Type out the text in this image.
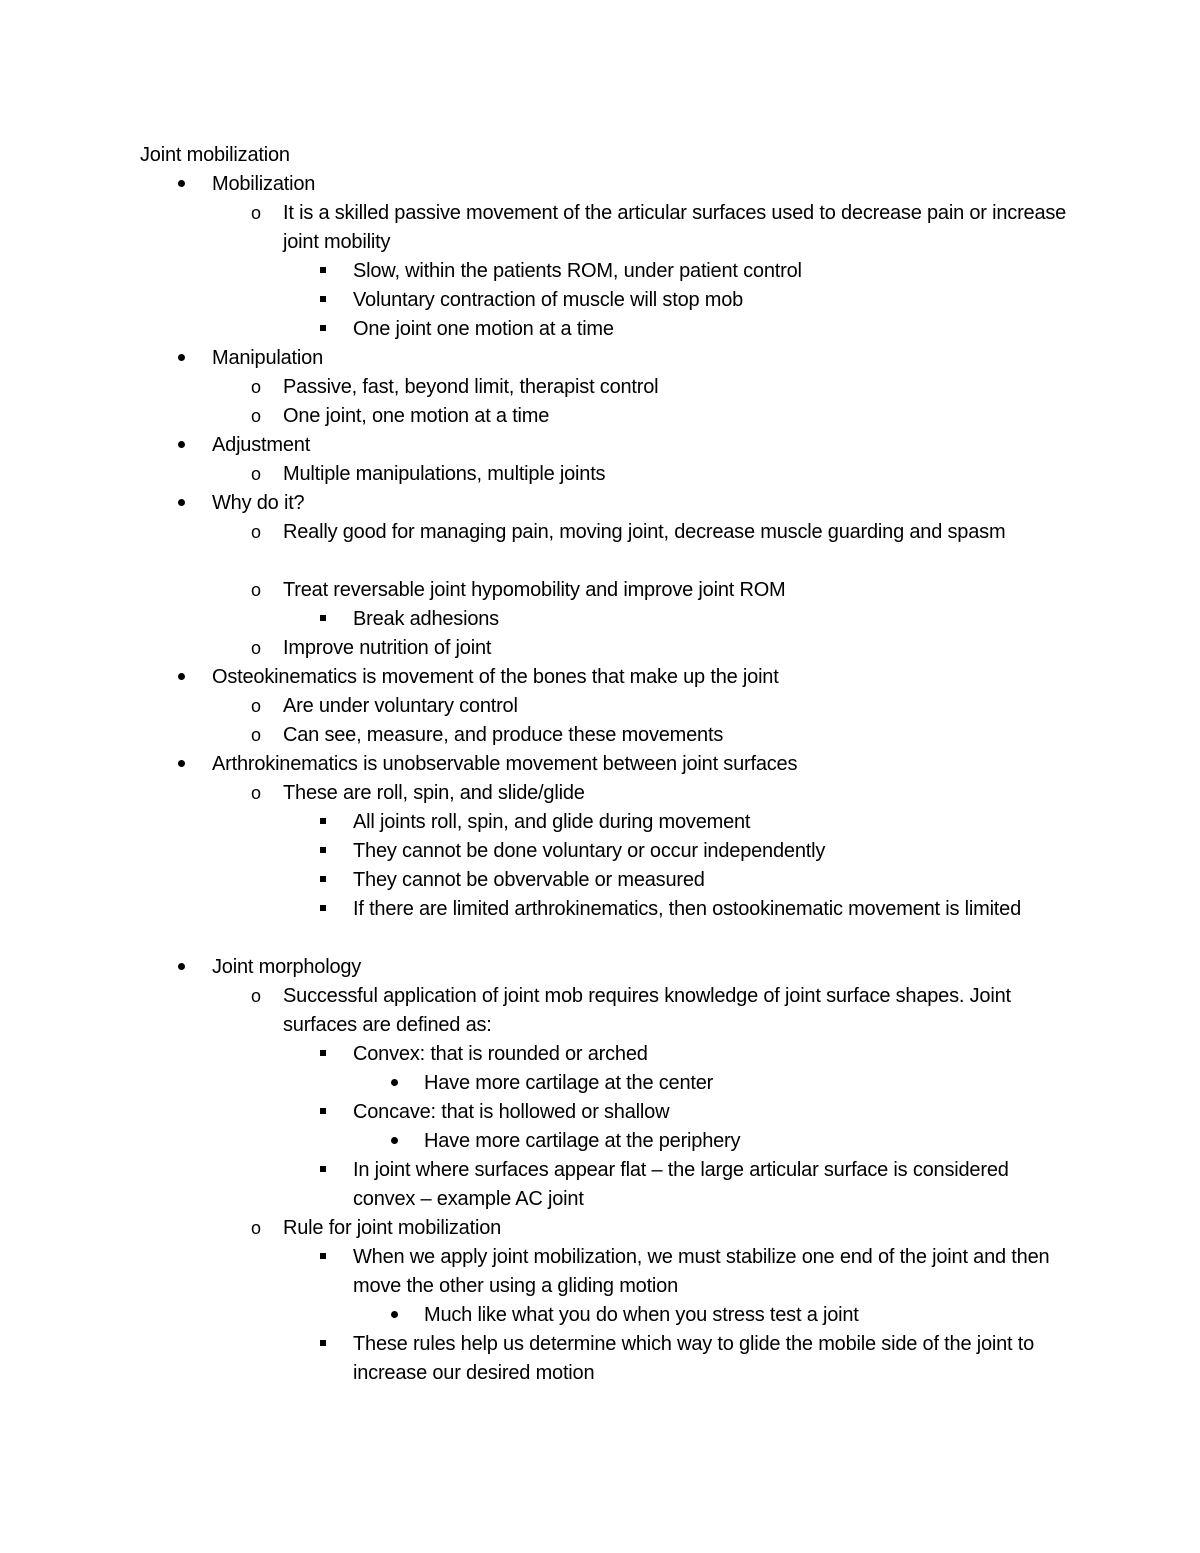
Joint mobilization
Mobilization
o It is a skilled passive movement of the articular surfaces used to decrease pain or increase joint mobility
Slow, within the patients ROM, under patient control
Voluntary contraction of muscle will stop mob
One joint one motion at a time
Manipulation
o Passive, fast, beyond limit, therapist control
o One joint, one motion at a time
Adjustment
o Multiple manipulations, multiple joints
Why do it?
o Really good for managing pain, moving joint, decrease muscle guarding and spasm
o Treat reversable joint hypomobility and improve joint ROM
Break adhesions
o Improve nutrition of joint
Osteokinematics is movement of the bones that make up the joint
o Are under voluntary control
o Can see, measure, and produce these movements
Arthrokinematics is unobservable movement between joint surfaces
o These are roll, spin, and slide/glide
All joints roll, spin, and glide during movement
They cannot be done voluntary or occur independently
They cannot be obvervable or measured
If there are limited arthrokinematics, then ostookinematic movement is limited
Joint morphology
o Successful application of joint mob requires knowledge of joint surface shapes. Joint surfaces are defined as:
Convex: that is rounded or arched
Have more cartilage at the center
Concave: that is hollowed or shallow
Have more cartilage at the periphery
In joint where surfaces appear flat – the large articular surface is considered convex – example AC joint
o Rule for joint mobilization
When we apply joint mobilization, we must stabilize one end of the joint and then move the other using a gliding motion
Much like what you do when you stress test a joint
These rules help us determine which way to glide the mobile side of the joint to increase our desired motion
